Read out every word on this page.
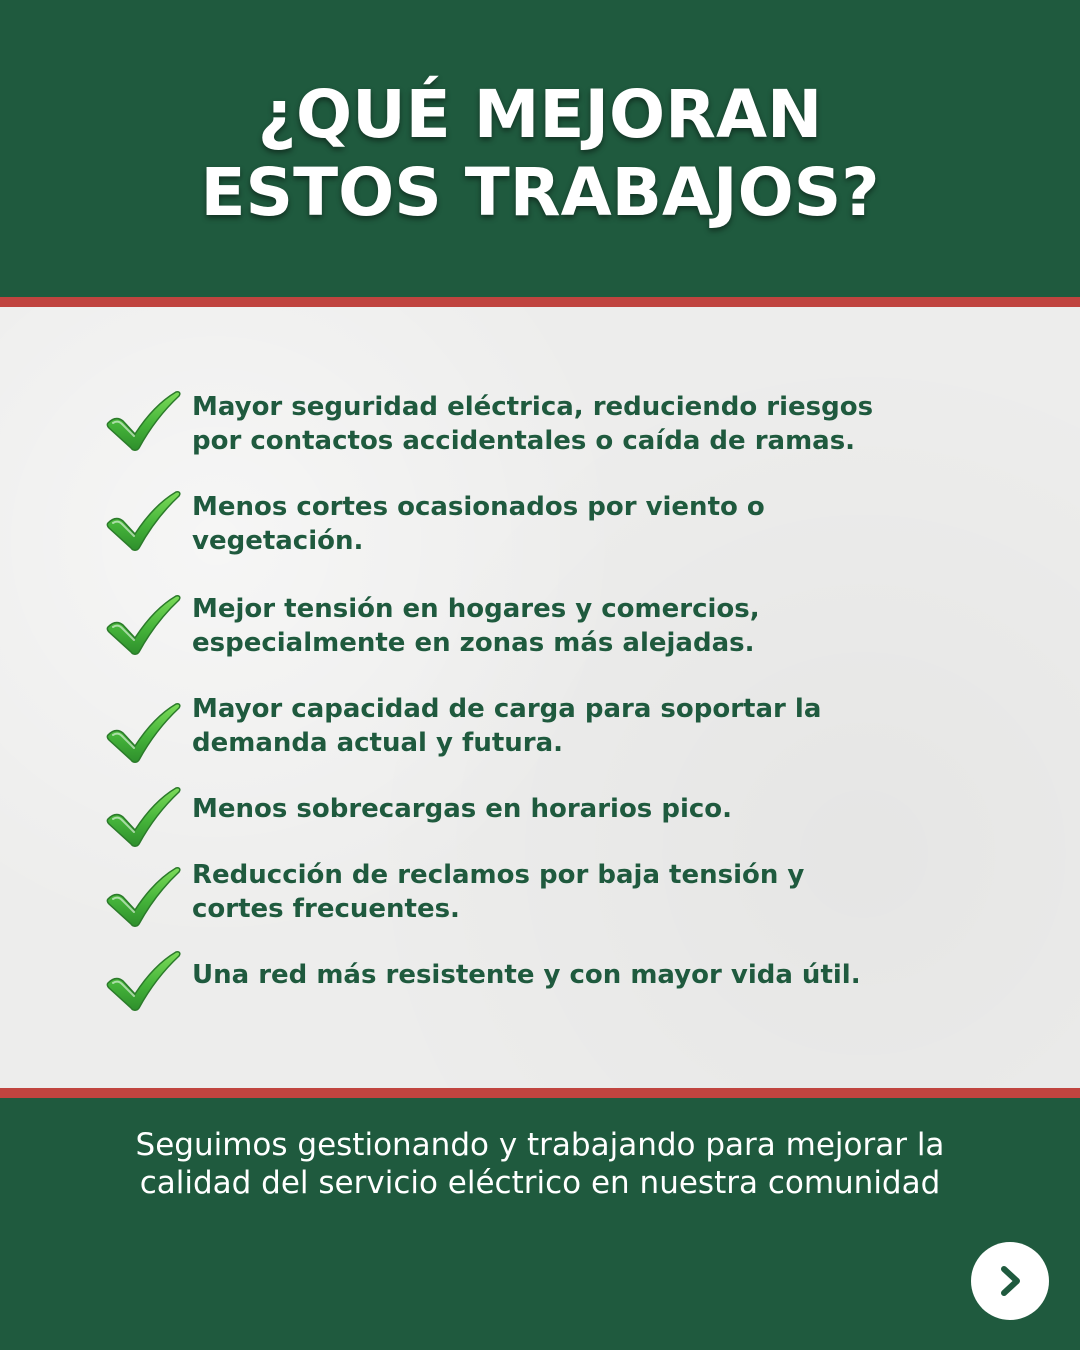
¿QUÉ MEJORAN
ESTOS TRABAJOS?
Mayor seguridad eléctrica, reduciendo riesgos
por contactos accidentales o caída de ramas.
Menos cortes ocasionados por viento o
vegetación.
Mejor tensión en hogares y comercios,
especialmente en zonas más alejadas.
Mayor capacidad de carga para soportar la
demanda actual y futura.
Menos sobrecargas en horarios pico.
Reducción de reclamos por baja tensión y
cortes frecuentes.
Una red más resistente y con mayor vida útil.

Seguimos gestionando y trabajando para mejorar la
calidad del servicio eléctrico en nuestra comunidad
